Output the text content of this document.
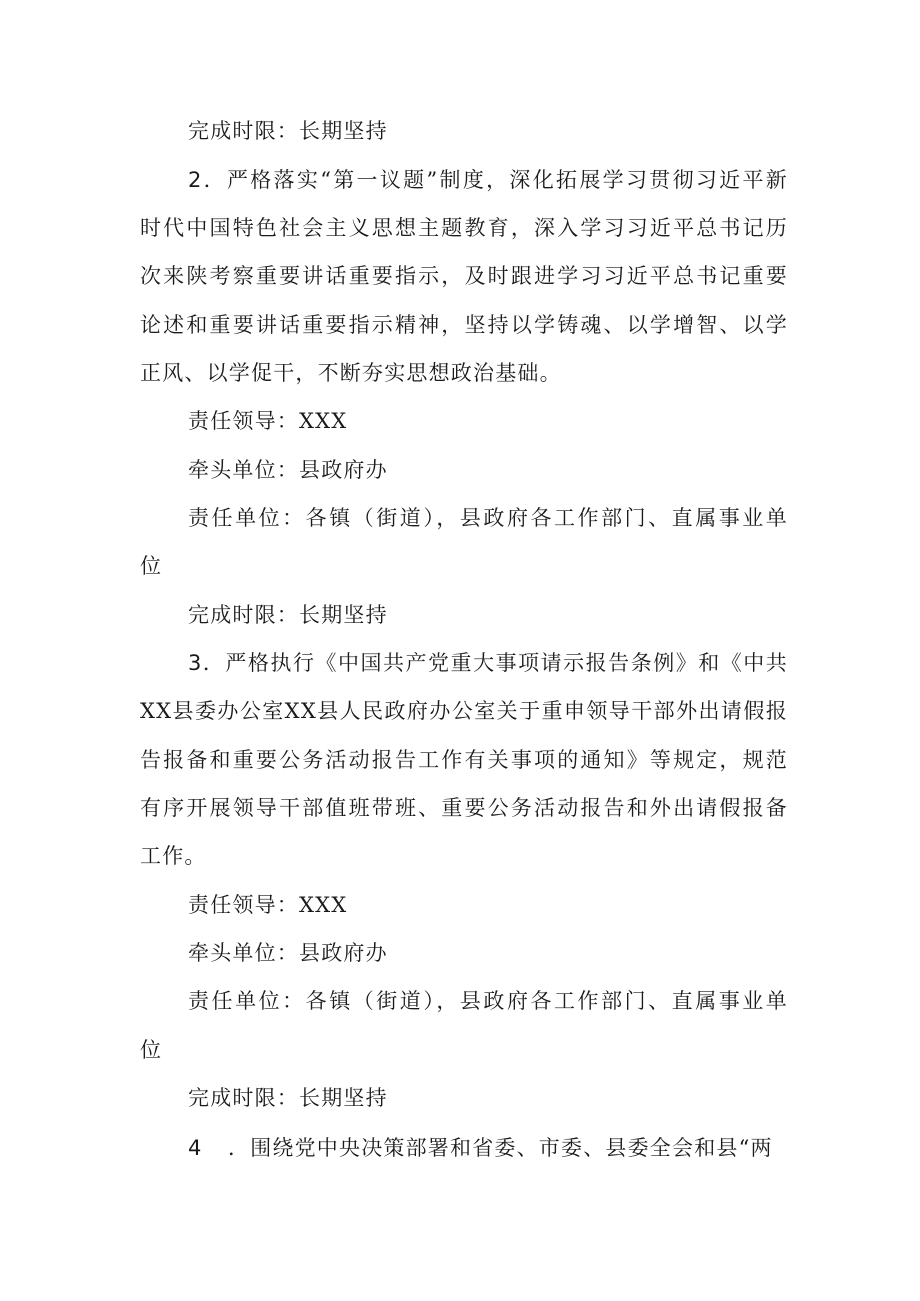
完成时限：长期坚持
2．严格落实“第一议题”制度，深化拓展学习贯彻习近平新
时代中国特色社会主义思想主题教育，深入学习习近平总书记历
次来陕考察重要讲话重要指示，及时跟进学习习近平总书记重要
论述和重要讲话重要指示精神，坚持以学铸魂、以学增智、以学
正风、以学促干，不断夯实思想政治基础。
责任领导：XXX
牵头单位：县政府办
责任单位：各镇（街道），县政府各工作部门、直属事业单
位
完成时限：长期坚持
3．严格执行《中国共产党重大事项请示报告条例》和《中共
XX县委办公室XX县人民政府办公室关于重申领导干部外出请假报
告报备和重要公务活动报告工作有关事项的通知》等规定，规范
有序开展领导干部值班带班、重要公务活动报告和外出请假报备
工作。
责任领导：XXX
牵头单位：县政府办
责任单位：各镇（街道），县政府各工作部门、直属事业单
位
完成时限：长期坚持
4 ．围绕党中央决策部署和省委、市委、县委全会和县“两
